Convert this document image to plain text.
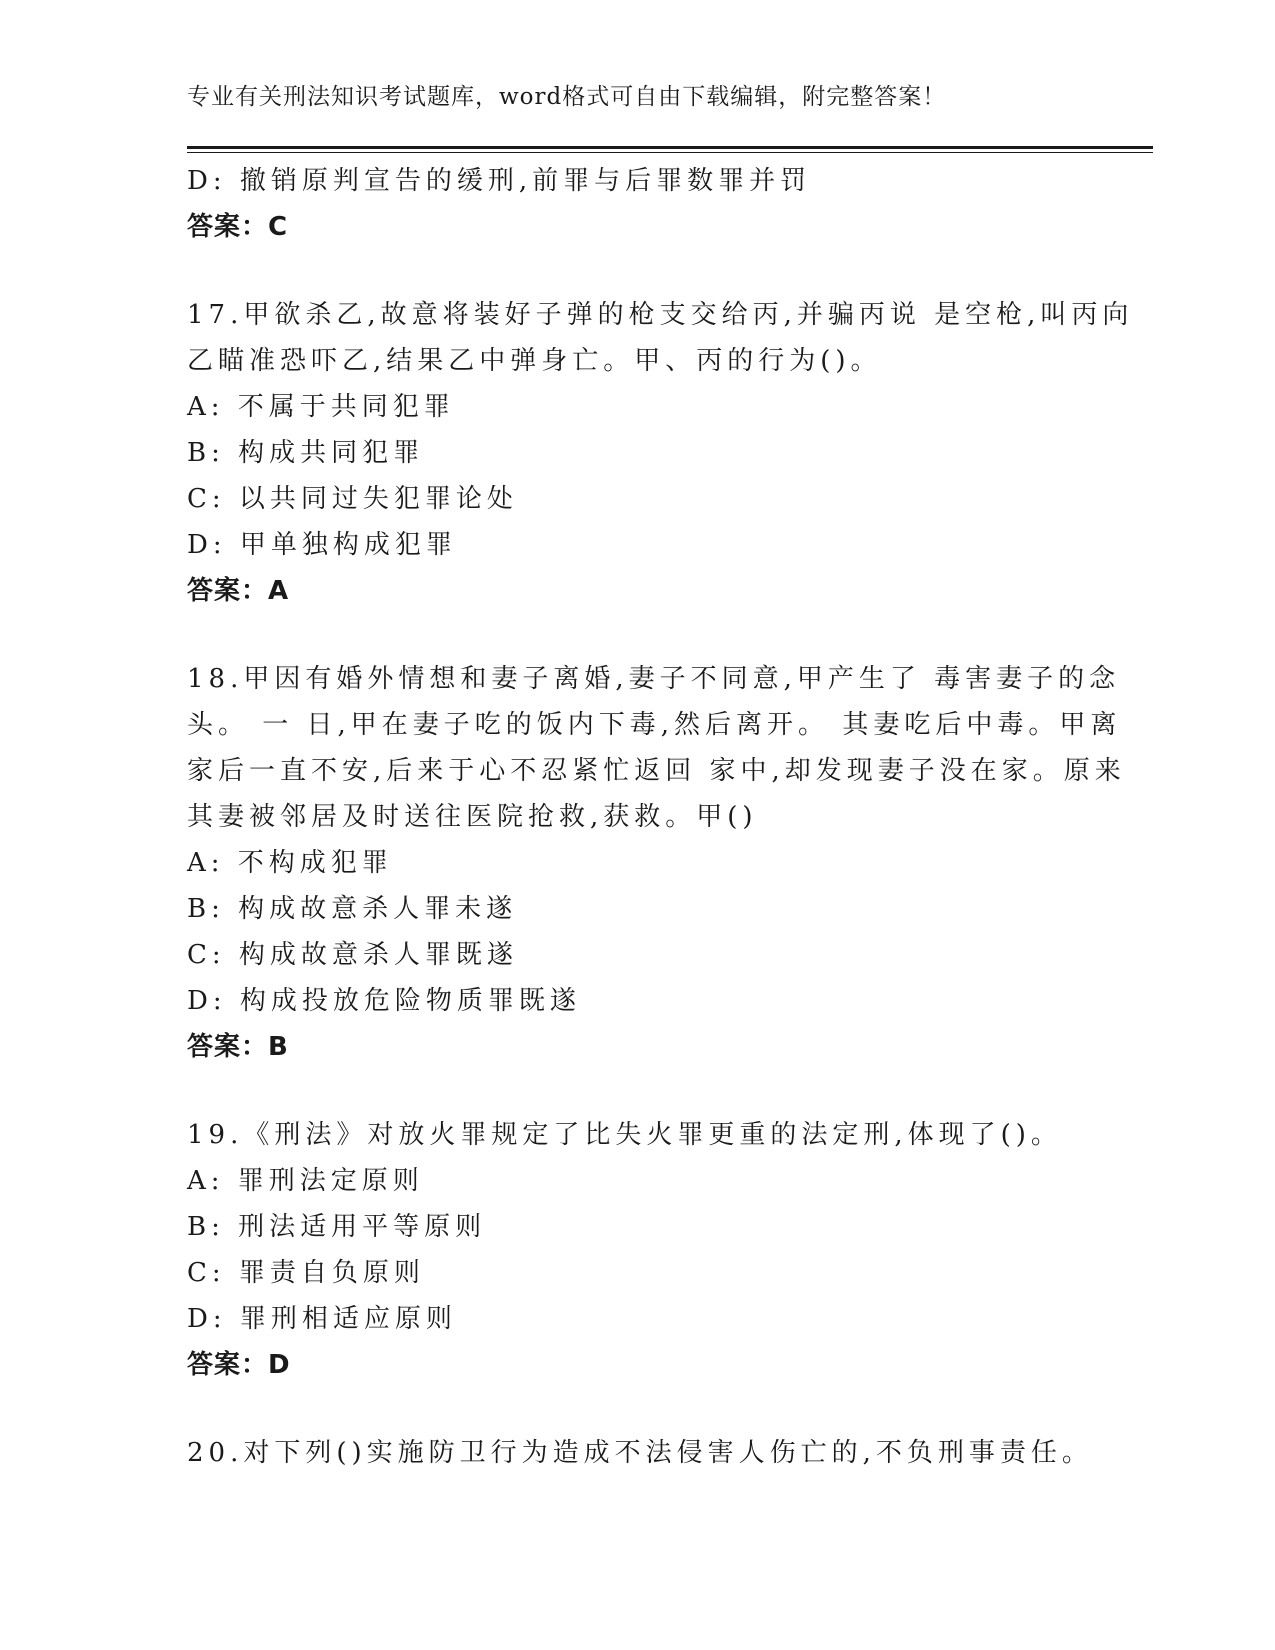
专业有关刑法知识考试题库，word格式可自由下载编辑，附完整答案！
D: 撤销原判宣告的缓刑,前罪与后罪数罪并罚
答案：C
17.甲欲杀乙,故意将装好子弹的枪支交给丙,并骗丙说 是空枪,叫丙向
乙瞄准恐吓乙,结果乙中弹身亡。甲、丙的行为()。
A: 不属于共同犯罪
B: 构成共同犯罪
C: 以共同过失犯罪论处
D: 甲单独构成犯罪
答案：A
18.甲因有婚外情想和妻子离婚,妻子不同意,甲产生了 毒害妻子的念
头。 一 日,甲在妻子吃的饭内下毒,然后离开。 其妻吃后中毒。甲离
家后一直不安,后来于心不忍紧忙返回 家中,却发现妻子没在家。原来
其妻被邻居及时送往医院抢救,获救。甲()
A: 不构成犯罪
B: 构成故意杀人罪未遂
C: 构成故意杀人罪既遂
D: 构成投放危险物质罪既遂
答案：B
19.《刑法》对放火罪规定了比失火罪更重的法定刑,体现了()。
A: 罪刑法定原则
B: 刑法适用平等原则
C: 罪责自负原则
D: 罪刑相适应原则
答案：D
20.对下列()实施防卫行为造成不法侵害人伤亡的,不负刑事责任。
